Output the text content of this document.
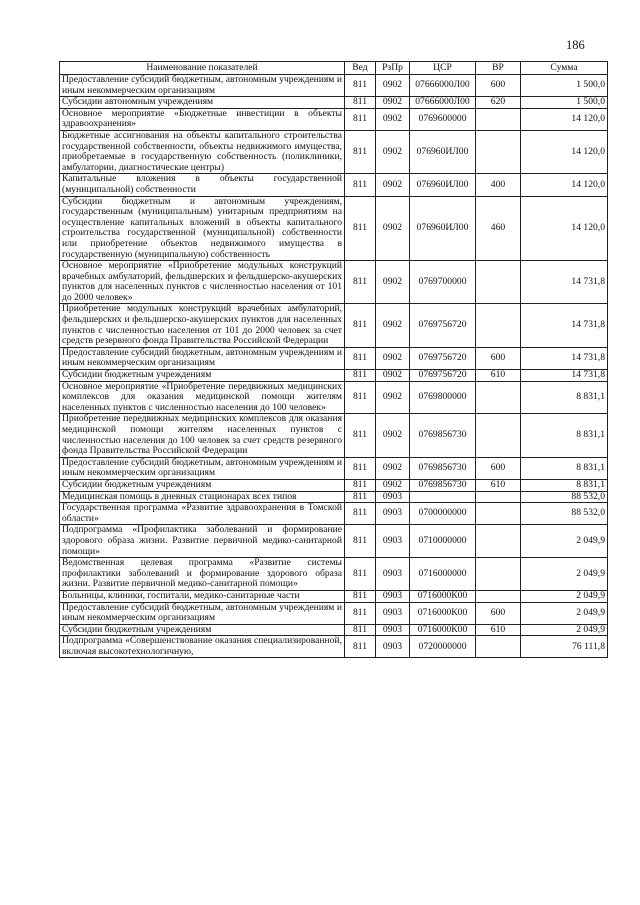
186
Наименование показателей	Вед	РзПр	ЦСР	ВР	Сумма
Предоставление субсидий бюджетным, автономным учреждениям и иным некоммерческим организациям	811	0902	07666000Л00	600	1 500,0
Субсидии автономным учреждениям	811	0902	07666000Л00	620	1 500,0
Основное мероприятие «Бюджетные инвестиции в объекты здравоохранения»	811	0902	0769600000		14 120,0
Бюджетные ассигнования на объекты капитального строительства государственной собственности, объекты недвижимого имущества, приобретаемые в государственную собственность (поликлиники, амбулатории, диагностические центры)	811	0902	076960ИЛ00		14 120,0
Капитальные вложения в объекты государственной (муниципальной) собственности	811	0902	076960ИЛ00	400	14 120,0
Субсидии бюджетным и автономным учреждениям, государственным (муниципальным) унитарным предприятиям на осуществление капитальных вложений в объекты капитального строительства государственной (муниципальной) собственности или приобретение объектов недвижимого имущества в государственную (муниципальную) собственность	811	0902	076960ИЛ00	460	14 120,0
Основное мероприятие «Приобретение модульных конструкций врачебных амбулаторий, фельдшерских и фельдшерско-акушерских пунктов для населенных пунктов с численностью населения от 101 до 2000 человек»	811	0902	0769700000		14 731,8
Приобретение модульных конструкций врачебных амбулаторий, фельдшерских и фельдшерско-акушерских пунктов для населенных пунктов с численностью населения от 101 до 2000 человек за счет средств резервного фонда Правительства Российской Федерации	811	0902	0769756720		14 731,8
Предоставление субсидий бюджетным, автономным учреждениям и иным некоммерческим организациям	811	0902	0769756720	600	14 731,8
Субсидии бюджетным учреждениям	811	0902	0769756720	610	14 731,8
Основное мероприятие «Приобретение передвижных медицинских комплексов для оказания медицинской помощи жителям населенных пунктов с численностью населения до 100 человек»	811	0902	0769800000		8 831,1
Приобретение передвижных медицинских комплексов для оказания медицинской помощи жителям населенных пунктов с численностью населения до 100 человек за счет средств резервного фонда Правительства Российской Федерации	811	0902	0769856730		8 831,1
Предоставление субсидий бюджетным, автономным учреждениям и иным некоммерческим организациям	811	0902	0769856730	600	8 831,1
Субсидии бюджетным учреждениям	811	0902	0769856730	610	8 831,1
Медицинская помощь в дневных стационарах всех типов	811	0903			88 532,0
Государственная программа «Развитие здравоохранения в Томской области»	811	0903	0700000000		88 532,0
Подпрограмма «Профилактика заболеваний и формирование здорового образа жизни. Развитие первичной медико-санитарной помощи»	811	0903	0710000000		2 049,9
Ведомственная целевая программа «Развитие системы профилактики заболеваний и формирование здорового образа жизни. Развитие первичной медико-санитарной помощи»	811	0903	0716000000		2 049,9
Больницы, клиники, госпитали, медико-санитарные части	811	0903	0716000К00		2 049,9
Предоставление субсидий бюджетным, автономным учреждениям и иным некоммерческим организациям	811	0903	0716000К00	600	2 049,9
Субсидии бюджетным учреждениям	811	0903	0716000К00	610	2 049,9
Подпрограмма «Совершенствование оказания специализированной, включая высокотехнологичную,	811	0903	0720000000		76 111,8
